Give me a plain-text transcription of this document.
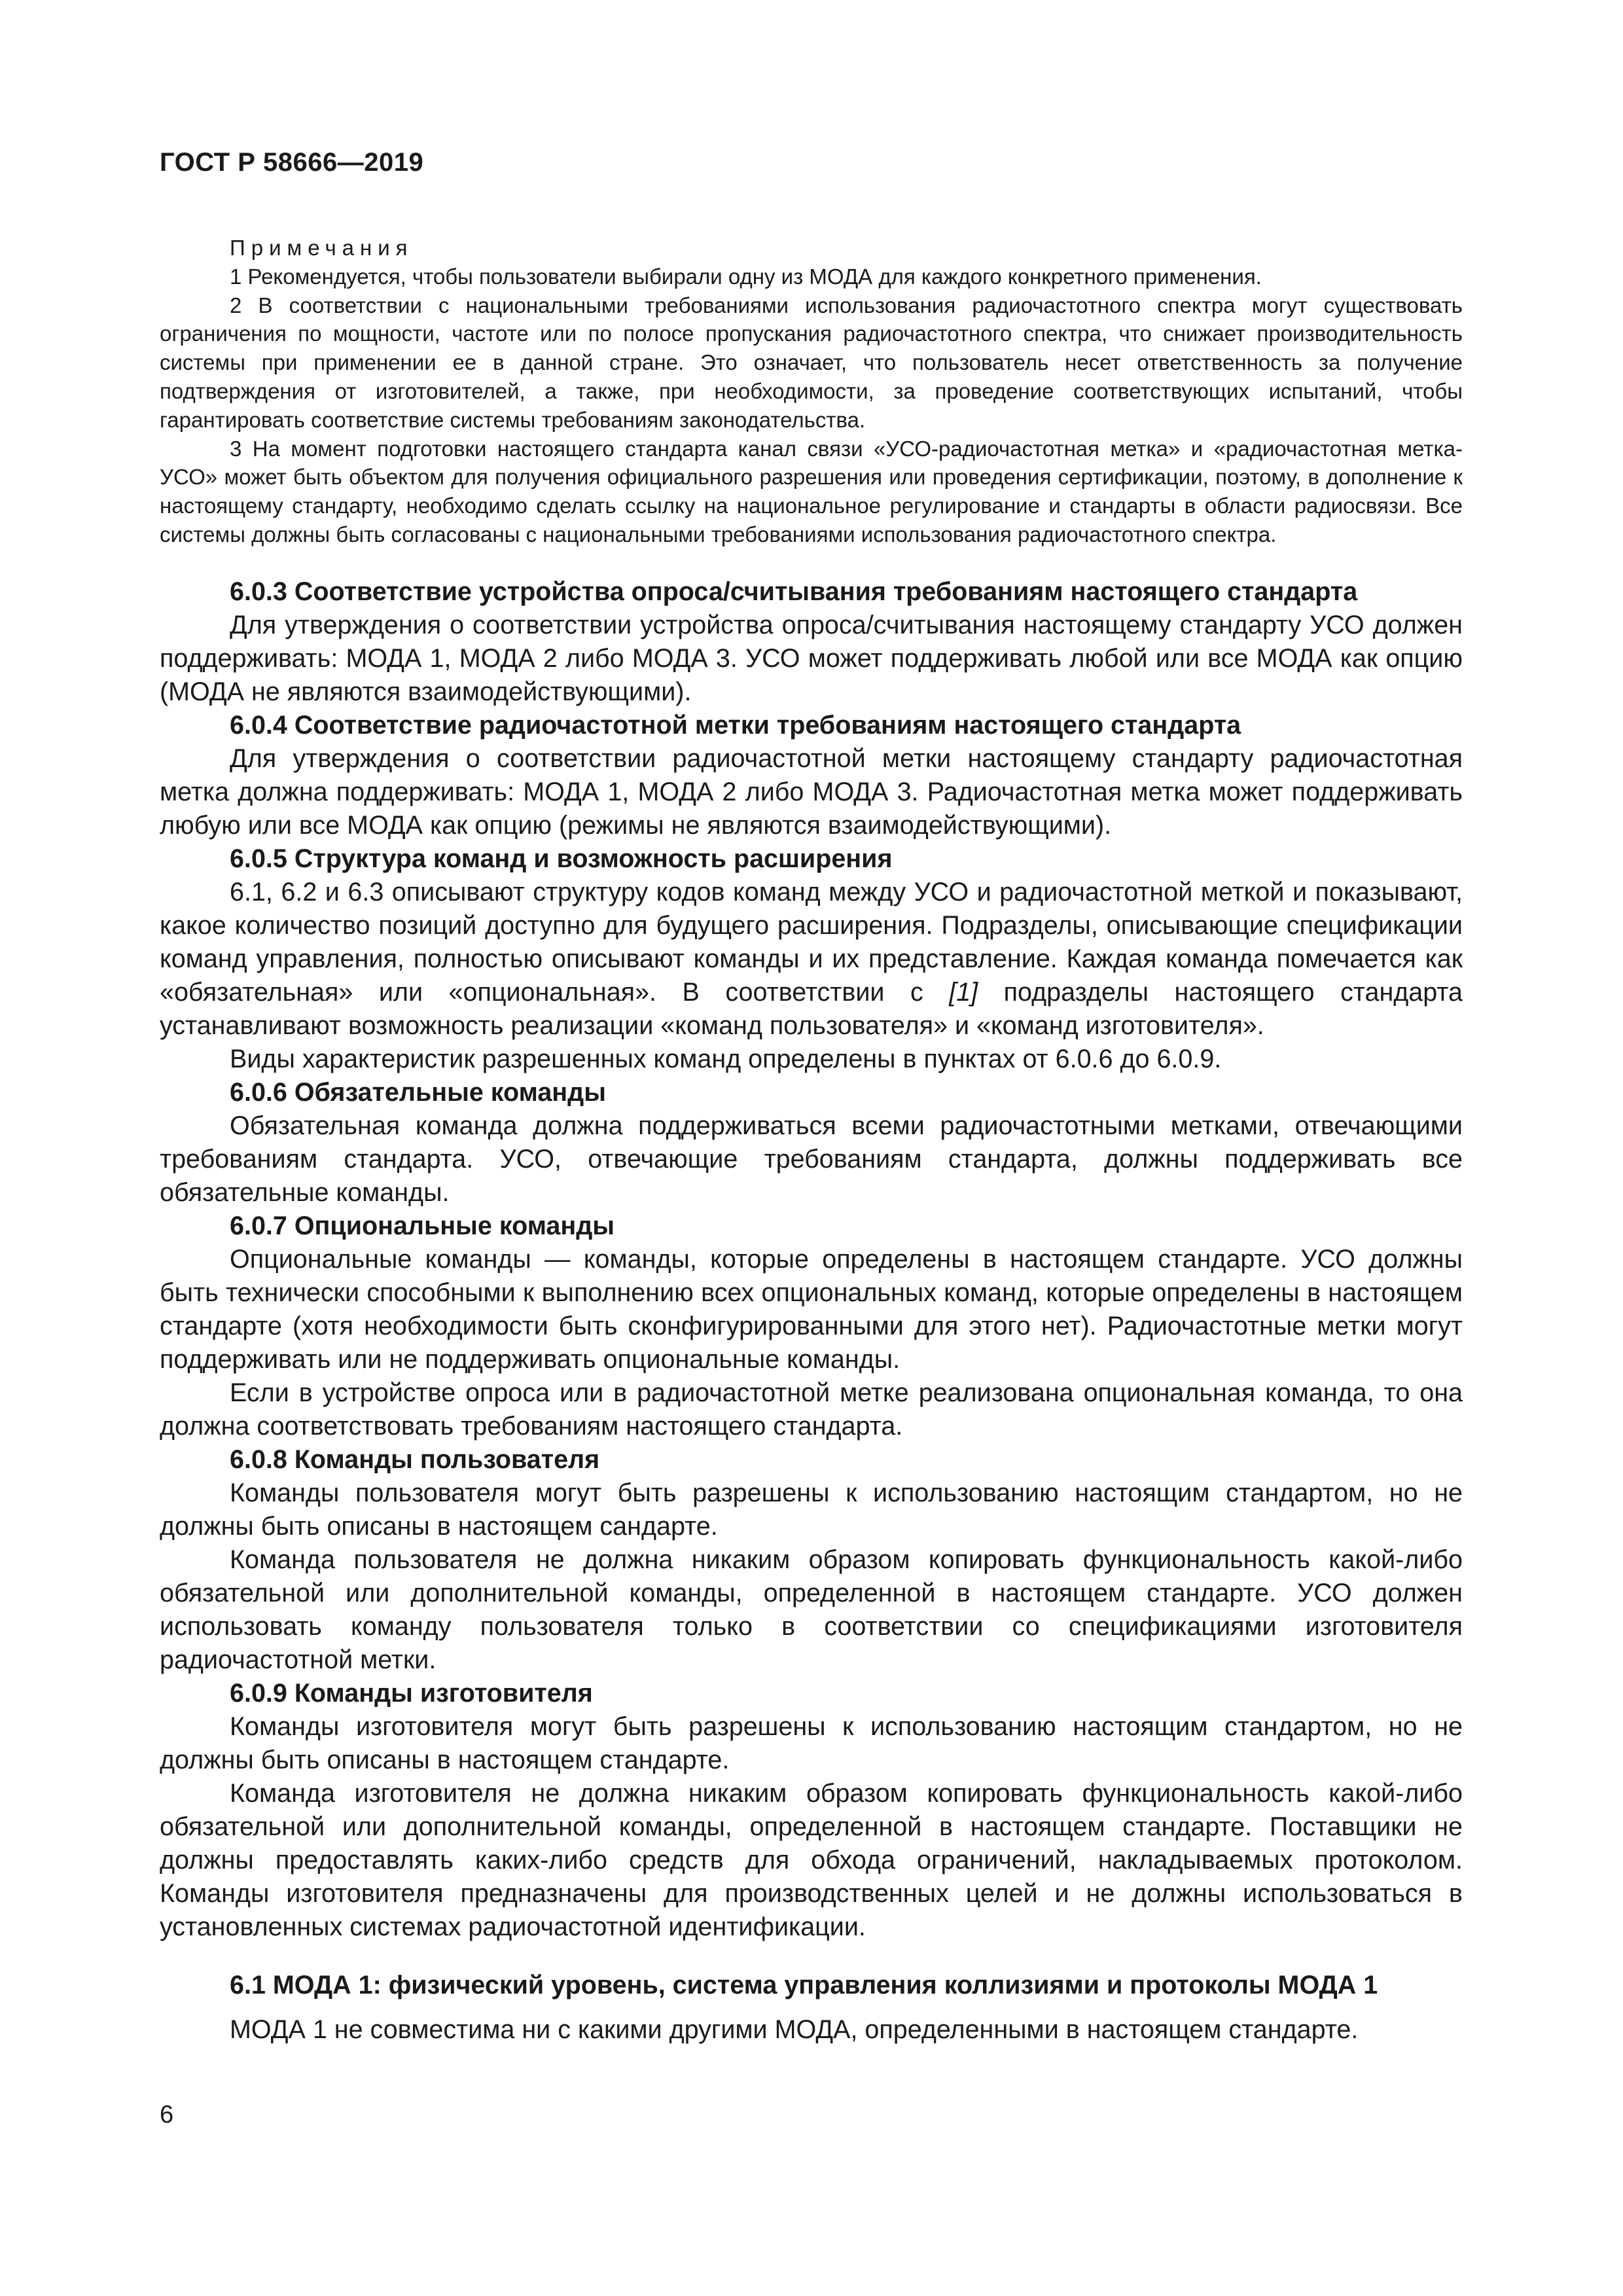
ГОСТ Р 58666—2019

Примечания

1 Рекомендуется, чтобы пользователи выбирали одну из МОДА для каждого конкретного применения.

2 В соответствии с национальными требованиями использования радиочастотного спектра могут существовать ограничения по мощности, частоте или по полосе пропускания радиочастотного спектра, что снижает производительность системы при применении ее в данной стране. Это означает, что пользователь несет ответственность за получение подтверждения от изготовителей, а также, при необходимости, за проведение соответствующих испытаний, чтобы гарантировать соответствие системы требованиям законодательства.

3 На момент подготовки настоящего стандарта канал связи «УСО-радиочастотная метка» и «радиочастотная метка-УСО» может быть объектом для получения официального разрешения или проведения сертификации, поэтому, в дополнение к настоящему стандарту, необходимо сделать ссылку на национальное регулирование и стандарты в области радиосвязи. Все системы должны быть согласованы с национальными требованиями использования радиочастотного спектра.

6.0.3 Соответствие устройства опроса/считывания требованиям настоящего стандарта

Для утверждения о соответствии устройства опроса/считывания настоящему стандарту УСО должен поддерживать: МОДА 1, МОДА 2 либо МОДА 3. УСО может поддерживать любой или все МОДА как опцию (МОДА не являются взаимодействующими).

6.0.4 Соответствие радиочастотной метки требованиям настоящего стандарта

Для утверждения о соответствии радиочастотной метки настоящему стандарту радиочастотная метка должна поддерживать: МОДА 1, МОДА 2 либо МОДА 3. Радиочастотная метка может поддерживать любую или все МОДА как опцию (режимы не являются взаимодействующими).

6.0.5 Структура команд и возможность расширения

6.1, 6.2 и 6.3 описывают структуру кодов команд между УСО и радиочастотной меткой и показывают, какое количество позиций доступно для будущего расширения. Подразделы, описывающие спецификации команд управления, полностью описывают команды и их представление. Каждая команда помечается как «обязательная» или «опциональная». В соответствии с [1] подразделы настоящего стандарта устанавливают возможность реализации «команд пользователя» и «команд изготовителя».

Виды характеристик разрешенных команд определены в пунктах от 6.0.6 до 6.0.9.

6.0.6 Обязательные команды

Обязательная команда должна поддерживаться всеми радиочастотными метками, отвечающими требованиям стандарта. УСО, отвечающие требованиям стандарта, должны поддерживать все обязательные команды.

6.0.7 Опциональные команды

Опциональные команды — команды, которые определены в настоящем стандарте. УСО должны быть технически способными к выполнению всех опциональных команд, которые определены в настоящем стандарте (хотя необходимости быть сконфигурированными для этого нет). Радиочастотные метки могут поддерживать или не поддерживать опциональные команды.

Если в устройстве опроса или в радиочастотной метке реализована опциональная команда, то она должна соответствовать требованиям настоящего стандарта.

6.0.8 Команды пользователя

Команды пользователя могут быть разрешены к использованию настоящим стандартом, но не должны быть описаны в настоящем сандарте.

Команда пользователя не должна никаким образом копировать функциональность какой-либо обязательной или дополнительной команды, определенной в настоящем стандарте. УСО должен использовать команду пользователя только в соответствии со спецификациями изготовителя радиочастотной метки.

6.0.9 Команды изготовителя

Команды изготовителя могут быть разрешены к использованию настоящим стандартом, но не должны быть описаны в настоящем стандарте.

Команда изготовителя не должна никаким образом копировать функциональность какой-либо обязательной или дополнительной команды, определенной в настоящем стандарте. Поставщики не должны предоставлять каких-либо средств для обхода ограничений, накладываемых протоколом. Команды изготовителя предназначены для производственных целей и не должны использоваться в установленных системах радиочастотной идентификации.

6.1 МОДА 1: физический уровень, система управления коллизиями и протоколы МОДА 1

МОДА 1 не совместима ни с какими другими МОДА, определенными в настоящем стандарте.

6
